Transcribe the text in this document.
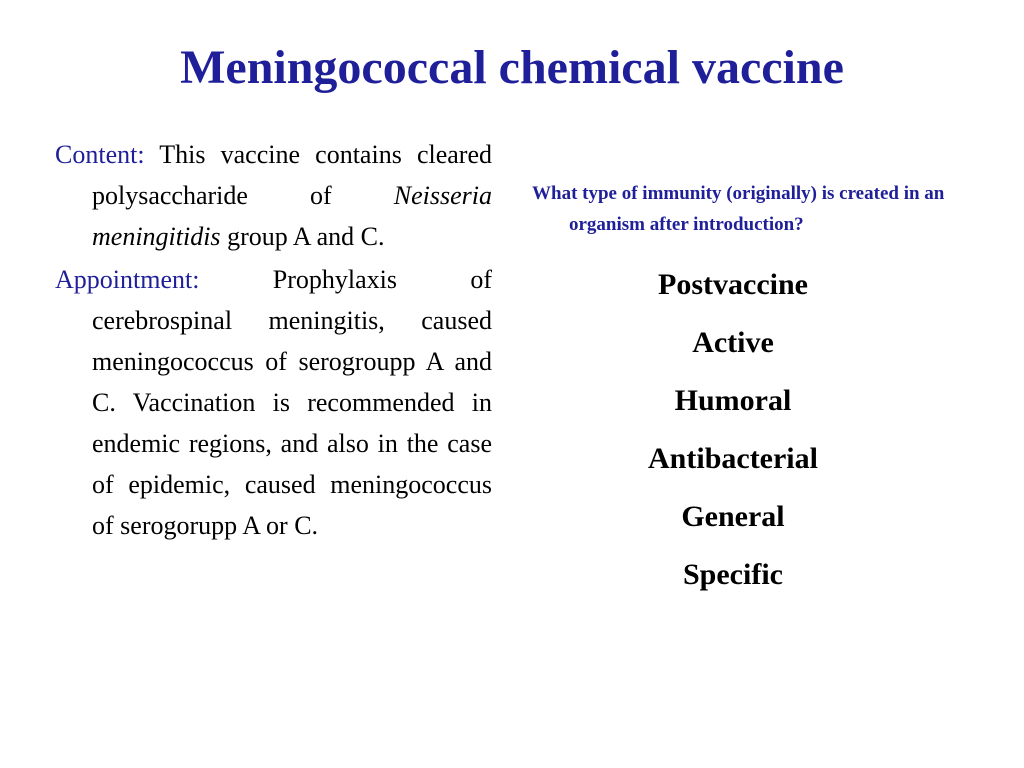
Meningococcal chemical vaccine

Content: This vaccine contains cleared polysaccharide of Neisseria meningitidis group A and C.

Appointment:	Prophylaxis of cerebrospinal meningitis, caused meningococcus of serogroupp A and C. Vaccination is recommended in endemic regions, and also in the case of epidemic, caused meningococcus of serogorupp A or C.

What type of immunity (originally) is created in an organism after introduction?

Postvaccine
Active
Humoral
Antibacterial
General
Specific
